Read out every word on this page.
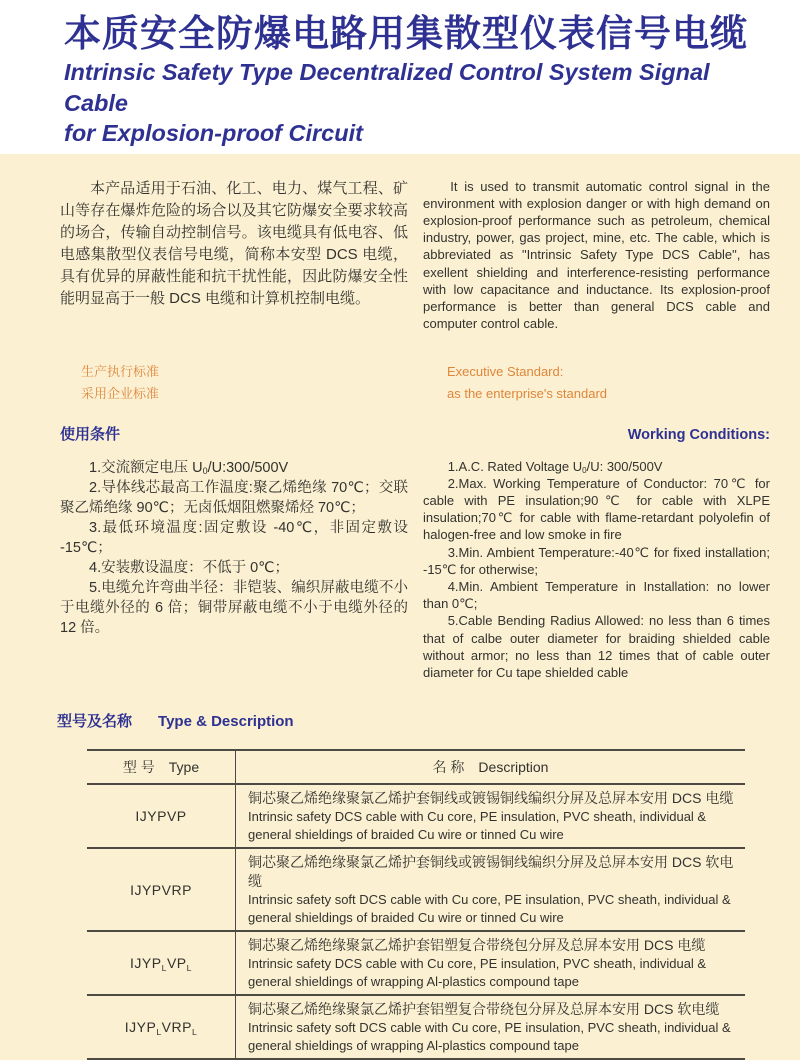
本质安全防爆电路用集散型仪表信号电缆
Intrinsic Safety Type Decentralized Control System Signal Cable
for Explosion-proof Circuit

本产品适用于石油、化工、电力、煤气工程、矿山等存在爆炸危险的场合以及其它防爆安全要求较高的场合，传输自动控制信号。该电缆具有低电容、低电感集散型仪表信号电缆，简称本安型 DCS 电缆，具有优异的屏蔽性能和抗干扰性能，因此防爆安全性能明显高于一般 DCS 电缆和计算机控制电缆。

It is used to transmit automatic control signal in the environment with explosion danger or with high demand on explosion-proof performance such as petroleum, chemical industry, power, gas project, mine, etc. The cable, which is abbreviated as "Intrinsic Safety Type DCS Cable", has exellent shielding and interference-resisting performance with low capacitance and inductance. Its explosion-proof performance is better than general DCS cable and computer control cable.

生产执行标准
采用企业标准
Executive Standard:
as the enterprise's standard
使用条件	Working Conditions:

1.交流额定电压 $U_0/U:300/500V$

2.导体线芯最高工作温度:聚乙烯绝缘 70℃；交联聚乙烯绝缘 90℃；无卤低烟阻燃聚烯烃 70℃；

3.最低环境温度:固定敷设 -40℃，非固定敷设 -15℃；

4.安装敷设温度：不低于 0℃；

5.电缆允许弯曲半径：非铠装、编织屏蔽电缆不小于电缆外径的 6 倍；铜带屏蔽电缆不小于电缆外径的 12 倍。

1.A.C. Rated Voltage $U_0/U$: 300/500V

2.Max. Working Temperature of Conductor: 70℃ for cable with PE insulation;90℃ for cable with XLPE insulation;70℃ for cable with flame-retardant polyolefin of halogen-free and low smoke in fire

3.Min. Ambient Temperature:-40℃ for fixed installation; -15℃ for otherwise;

4.Min. Ambient Temperature in Installation: no lower than 0℃;

5.Cable Bending Radius Allowed: no less than 6 times that of calbe outer diameter for braiding shielded cable without armor; no less than 12 times that of cable outer diameter for Cu tape shielded cable

型号及名称 Type & Description
型 号 Type	名 称 Description
IJYPVP	铜芯聚乙烯绝缘聚氯乙烯护套铜线或镀锡铜线编织分屏及总屏本安用 DCS 电缆
Intrinsic safety DCS cable with Cu core, PE insulation, PVC sheath, individual & general shieldings of braided Cu wire or tinned Cu wire

IJYPVRP	铜芯聚乙烯绝缘聚氯乙烯护套铜线或镀锡铜线编织分屏及总屏本安用 DCS 软电缆
Intrinsic safety soft DCS cable with Cu core, PE insulation, PVC sheath, individual & general shieldings of braided Cu wire or tinned Cu wire

$IJYP_LVP_L$	铜芯聚乙烯绝缘聚氯乙烯护套铝塑复合带绕包分屏及总屏本安用 DCS 电缆
Intrinsic safety DCS cable with Cu core, PE insulation, PVC sheath, individual & general shieldings of wrapping Al-plastics compound tape

$IJYP_LVRP_L$	铜芯聚乙烯绝缘聚氯乙烯护套铝塑复合带绕包分屏及总屏本安用 DCS 软电缆
Intrinsic safety soft DCS cable with Cu core, PE insulation, PVC sheath, individual & general shieldings of wrapping Al-plastics compound tape
